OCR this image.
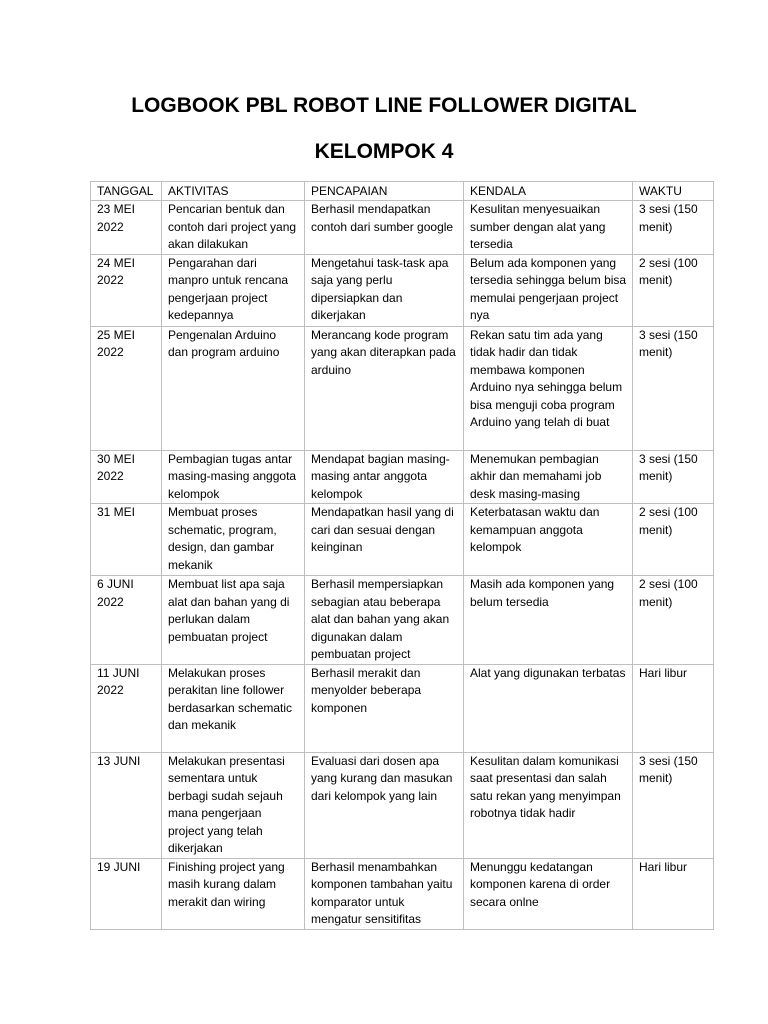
LOGBOOK PBL ROBOT LINE FOLLOWER DIGITAL
KELOMPOK 4
TANGGAL	AKTIVITAS	PENCAPAIAN	KENDALA	WAKTU
23 MEI 2022	Pencarian bentuk dan contoh dari project yang akan dilakukan	Berhasil mendapatkan contoh dari sumber google	Kesulitan menyesuaikan sumber dengan alat yang tersedia	3 sesi (150 menit)
24 MEI 2022	Pengarahan dari manpro untuk rencana pengerjaan project kedepannya	Mengetahui task-task apa saja yang perlu dipersiapkan dan dikerjakan	Belum ada komponen yang tersedia sehingga belum bisa memulai pengerjaan project nya	2 sesi (100 menit)
25 MEI 2022	Pengenalan Arduino dan program arduino	Merancang kode program yang akan diterapkan pada arduino	Rekan satu tim ada yang tidak hadir dan tidak membawa komponen Arduino nya sehingga belum bisa menguji coba program Arduino yang telah di buat	3 sesi (150 menit)
30 MEI 2022	Pembagian tugas antar masing-masing anggota kelompok	Mendapat bagian masing-masing antar anggota kelompok	Menemukan pembagian akhir dan memahami job desk masing-masing	3 sesi (150 menit)
31 MEI	Membuat proses schematic, program, design, dan gambar mekanik	Mendapatkan hasil yang di cari dan sesuai dengan keinginan	Keterbatasan waktu dan kemampuan anggota kelompok	2 sesi (100 menit)
6 JUNI 2022	Membuat list apa saja alat dan bahan yang di perlukan dalam pembuatan project	Berhasil mempersiapkan sebagian atau beberapa alat dan bahan yang akan digunakan dalam pembuatan project	Masih ada komponen yang belum tersedia	2 sesi (100 menit)
11 JUNI 2022	Melakukan proses perakitan line follower berdasarkan schematic dan mekanik	Berhasil merakit dan menyolder beberapa komponen	Alat yang digunakan terbatas	Hari libur
13 JUNI	Melakukan presentasi sementara untuk berbagi sudah sejauh mana pengerjaan project yang telah dikerjakan	Evaluasi dari dosen apa yang kurang dan masukan dari kelompok yang lain	Kesulitan dalam komunikasi saat presentasi dan salah satu rekan yang menyimpan robotnya tidak hadir	3 sesi (150 menit)
19 JUNI	Finishing project yang masih kurang dalam merakit dan wiring	Berhasil menambahkan komponen tambahan yaitu komparator untuk mengatur sensitifitas	Menunggu kedatangan komponen karena di order secara onlne	Hari libur
